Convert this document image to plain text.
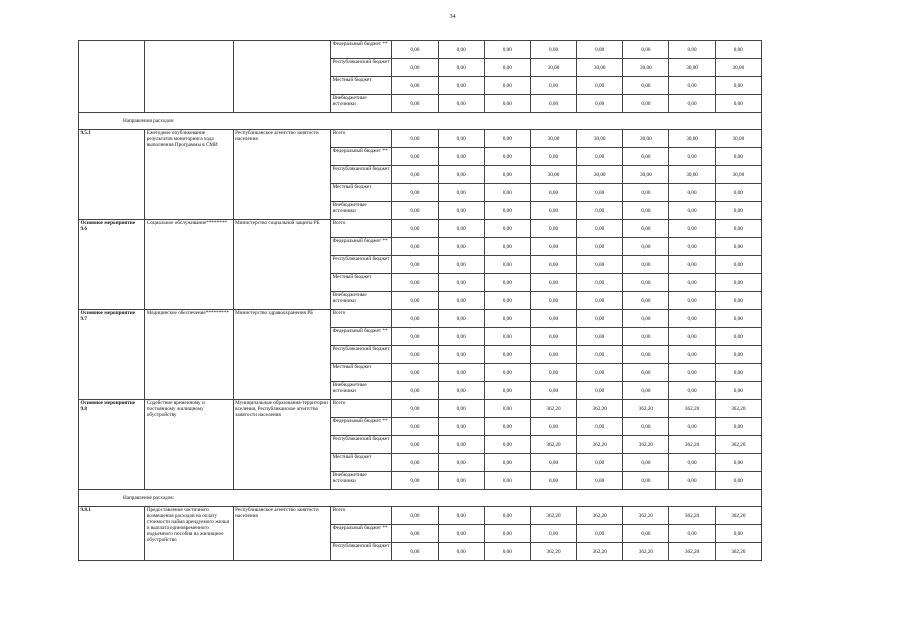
34
			Федеральный бюджет **	0,00	0,00	0,00	0,00	0,00	0,00	0,00	0,00
			Республиканский бюджет	0,00	0,00	0,00	30,00	30,00	30,00	30,00	30,00
			Местный бюджет	0,00	0,00	0,00	0,00	0,00	0,00	0,00	0,00
			Внебюджетные источники	0,00	0,00	0,00	0,00	0,00	0,00	0,00	0,00
Направления расходов:											
9.5.1	Ежегодное опубликование результатов мониторинга хода выполнения Программы в СМИ	Республиканское агентство занятости населения	Всего	0,00	0,00	0,00	30,00	30,00	30,00	30,00	30,00
			Федеральный бюджет **	0,00	0,00	0,00	0,00	0,00	0,00	0,00	0,00
			Республиканский бюджет	0,00	0,00	0,00	30,00	30,00	30,00	30,00	30,00
			Местный бюджет	0,00	0,00	0,00	0,00	0,00	0,00	0,00	0,00
			Внебюджетные источники	0,00	0,00	0,00	0,00	0,00	0,00	0,00	0,00
Основное мероприятие 9.6	Социальное обслуживание********	Министерство социальной защиты РБ	Всего	0,00	0,00	0,00	0,00	0,00	0,00	0,00	0,00
			Федеральный бюджет **	0,00	0,00	0,00	0,00	0,00	0,00	0,00	0,00
			Республиканский бюджет	0,00	0,00	0,00	0,00	0,00	0,00	0,00	0,00
			Местный бюджет	0,00	0,00	0,00	0,00	0,00	0,00	0,00	0,00
			Внебюджетные источники	0,00	0,00	0,00	0,00	0,00	0,00	0,00	0,00
Основное мероприятие 9.7	Медицинское обеспечение*********	Министерство здравоохранения РБ	Всего	0,00	0,00	0,00	0,00	0,00	0,00	0,00	0,00
			Федеральный бюджет **	0,00	0,00	0,00	0,00	0,00	0,00	0,00	0,00
			Республиканский бюджет	0,00	0,00	0,00	0,00	0,00	0,00	0,00	0,00
			Местный бюджет	0,00	0,00	0,00	0,00	0,00	0,00	0,00	0,00
			Внебюджетные источники	0,00	0,00	0,00	0,00	0,00	0,00	0,00	0,00
Основное мероприятие 9.8	Содействие временному и постоянному жилищному обустройству	Муниципальные образования-территории вселения, Республиканское агентство занятости населения	Всего	0,00	0,00	0,00	362,20	362,20	362,20	362,20	362,20
			Федеральный бюджет **	0,00	0,00	0,00	0,00	0,00	0,00	0,00	0,00
			Республиканский бюджет	0,00	0,00	0,00	362,20	362,20	362,20	362,20	362,20
			Местный бюджет	0,00	0,00	0,00	0,00	0,00	0,00	0,00	0,00
			Внебюджетные источники	0,00	0,00	0,00	0,00	0,00	0,00	0,00	0,00
Направление расходов:											
9.8.1	Предоставление частичного возмещения расходов на оплату стоимости найма арендуемого жилья и выплата единовременного подъемного пособия на жилищное обустройство	Республиканское агентство занятости населения	Всего	0,00	0,00	0,00	362,20	362,20	362,20	362,20	362,20
			Федеральный бюджет **	0,00	0,00	0,00	0,00	0,00	0,00	0,00	0,00
			Республиканский бюджет	0,00	0,00	0,00	362,20	362,20	362,20	362,20	362,20
